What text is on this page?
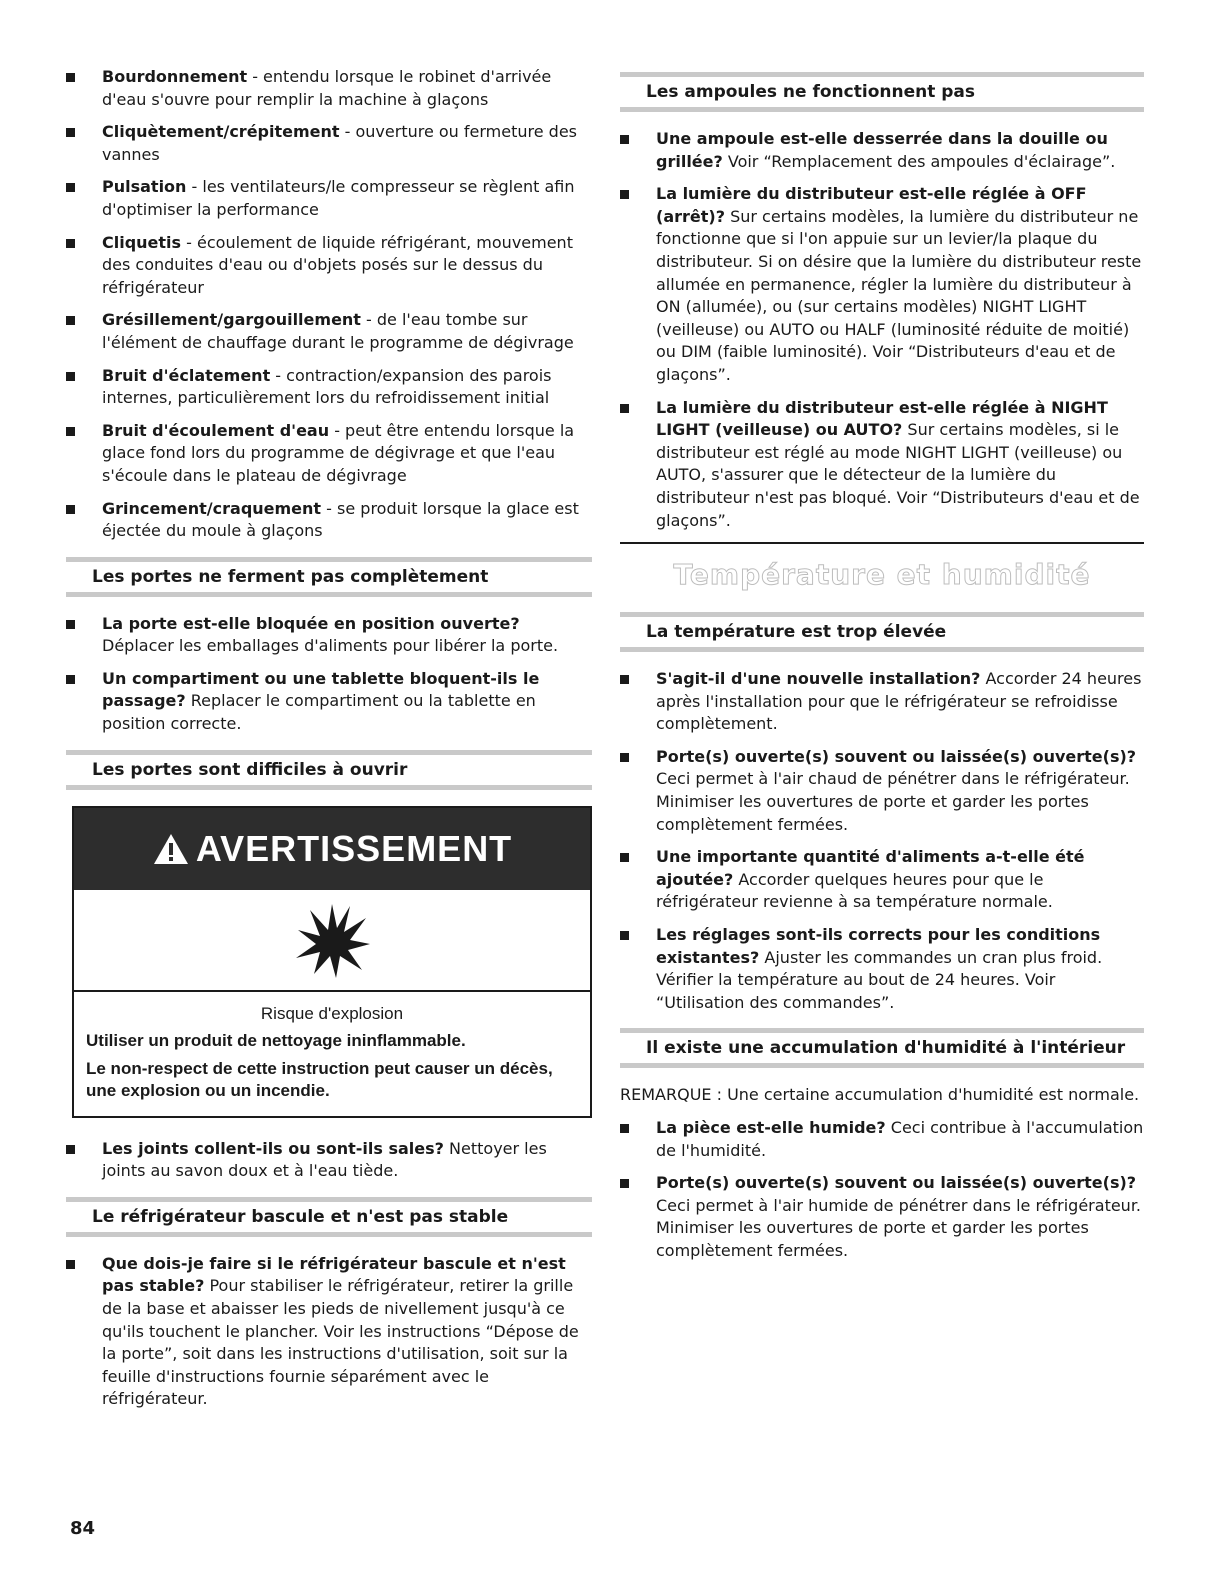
Bourdonnement - entendu lorsque le robinet d'arrivée d'eau s'ouvre pour remplir la machine à glaçons
Cliquètement/crépitement - ouverture ou fermeture des vannes
Pulsation - les ventilateurs/le compresseur se règlent afin d'optimiser la performance
Cliquetis - écoulement de liquide réfrigérant, mouvement des conduites d'eau ou d'objets posés sur le dessus du réfrigérateur
Grésillement/gargouillement - de l'eau tombe sur l'élément de chauffage durant le programme de dégivrage
Bruit d'éclatement - contraction/expansion des parois internes, particulièrement lors du refroidissement initial
Bruit d'écoulement d'eau - peut être entendu lorsque la glace fond lors du programme de dégivrage et que l'eau s'écoule dans le plateau de dégivrage
Grincement/craquement - se produit lorsque la glace est éjectée du moule à glaçons
Les portes ne ferment pas complètement
La porte est-elle bloquée en position ouverte? Déplacer les emballages d'aliments pour libérer la porte.
Un compartiment ou une tablette bloquent-ils le passage? Replacer le compartiment ou la tablette en position correcte.
Les portes sont difficiles à ouvrir
AVERTISSEMENT
Risque d'explosion
Utiliser un produit de nettoyage ininflammable.
Le non-respect de cette instruction peut causer un décès, une explosion ou un incendie.
Les joints collent-ils ou sont-ils sales? Nettoyer les joints au savon doux et à l'eau tiède.
Le réfrigérateur bascule et n'est pas stable
Que dois-je faire si le réfrigérateur bascule et n'est pas stable? Pour stabiliser le réfrigérateur, retirer la grille de la base et abaisser les pieds de nivellement jusqu'à ce qu'ils touchent le plancher. Voir les instructions “Dépose de la porte”, soit dans les instructions d'utilisation, soit sur la feuille d'instructions fournie séparément avec le réfrigérateur.
Les ampoules ne fonctionnent pas
Une ampoule est-elle desserrée dans la douille ou grillée? Voir “Remplacement des ampoules d'éclairage”.
La lumière du distributeur est-elle réglée à OFF (arrêt)? Sur certains modèles, la lumière du distributeur ne fonctionne que si l'on appuie sur un levier/la plaque du distributeur. Si on désire que la lumière du distributeur reste allumée en permanence, régler la lumière du distributeur à ON (allumée), ou (sur certains modèles) NIGHT LIGHT (veilleuse) ou AUTO ou HALF (luminosité réduite de moitié) ou DIM (faible luminosité). Voir “Distributeurs d'eau et de glaçons”.
La lumière du distributeur est-elle réglée à NIGHT LIGHT (veilleuse) ou AUTO? Sur certains modèles, si le distributeur est réglé au mode NIGHT LIGHT (veilleuse) ou AUTO, s'assurer que le détecteur de la lumière du distributeur n'est pas bloqué. Voir “Distributeurs d'eau et de glaçons”.
Température et humidité
La température est trop élevée
S'agit-il d'une nouvelle installation? Accorder 24 heures après l'installation pour que le réfrigérateur se refroidisse complètement.
Porte(s) ouverte(s) souvent ou laissée(s) ouverte(s)? Ceci permet à l'air chaud de pénétrer dans le réfrigérateur. Minimiser les ouvertures de porte et garder les portes complètement fermées.
Une importante quantité d'aliments a-t-elle été ajoutée? Accorder quelques heures pour que le réfrigérateur revienne à sa température normale.
Les réglages sont-ils corrects pour les conditions existantes? Ajuster les commandes un cran plus froid. Vérifier la température au bout de 24 heures. Voir “Utilisation des commandes”.
Il existe une accumulation d'humidité à l'intérieur
REMARQUE : Une certaine accumulation d'humidité est normale.
La pièce est-elle humide? Ceci contribue à l'accumulation de l'humidité.
Porte(s) ouverte(s) souvent ou laissée(s) ouverte(s)? Ceci permet à l'air humide de pénétrer dans le réfrigérateur. Minimiser les ouvertures de porte et garder les portes complètement fermées.
84
